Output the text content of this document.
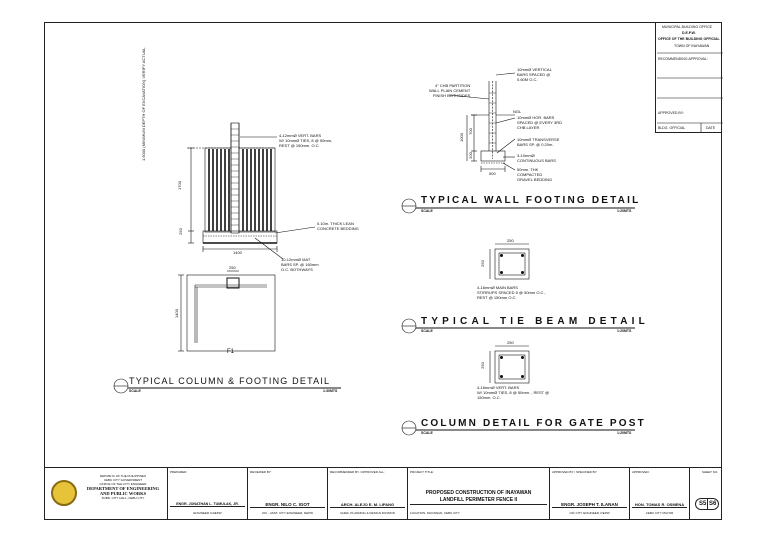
1.5000 (MINIMUM DEPTH OF EXCAVATION) VERIFY ACTUAL	4-12mmØ VERT. BARS
W/ 10mmØ TIES, 8 @ 50mm,
REST @ 150mm. O.C.
0.10m. THICK LEAN
CONCRETE BEDDING
10-12mmØ MAT
BARS SP. @ 160mm
O.C. BOTHWAYS
1700
250
1400
1400
250
F1
TYPICAL COLUMN & FOOTING DETAIL
SCALE	1:30MTS
4" CHB PARTITION
WALL PLAIN CEMENT
FINISH BOTHSIDES
10mmØ VERTICAL
BARS SPACED @
0.60M O.C.
10mmØ HOR. BARS
SPACED @ EVERY 3RD
CHB LAYER
10mmØ TRANSVERSE
BARS SP. @ 0.20m.
3-10mmØ
CONTINUOUS BARS
50mm. THK
COMPACTED
GRAVEL BEDDING
NGL
1000
700
200
500
TYPICAL WALL FOOTING DETAIL
SCALE	1:20MTS
250
250
4-16mmØ MAIN BARS
STIRRUPS SPACED 5 @ 50mm O.C.,
REST @ 150mm O.C.
TYPICAL TIE BEAM DETAIL
SCALE	1:20MTS
250
250
4-16mmØ VERT. BARS
W/ 10mmØ TIES, 8 @ 50mm. , REST @
150mm. O.C.
COLUMN DETAIL FOR GATE POST
SCALE	1:20MTS
MUNICIPAL BUILDING OFFICE
D.E.P.W.
OFFICE OF THE BUILDING OFFICIAL
TOWN OF INAYAWAN
RECOMMENDING APPROVAL:
APPROVED BY:
BLDG. OFFICIAL	DATE
REPUBLIC OF THE PHILIPPINES
CEBU CITY GOVERNMENT
OFFICE OF THE CITY ENGINEER
DEPARTMENT OF ENGINEERING
AND PUBLIC WORKS
SUBD. CITY HALL, CEBU CITY
PREPARED:
ENGR. JONATHAN L. TUMULAK, JR.
ENGINEER II-DEPW
REVIEWED BY:
ENGR. NILO C. IGOT
OIC - ASST. CITY ENGINEER, DEPW
RECOMMENDED BY / APPROVED ALL:
ARCH. ALEJO E. M. LIPANG
CHIEF, PLANNING & DESIGN DIVISION
PROJECT TITLE:
PROPOSED CONSTRUCTION OF INAYAWAN
LANDFILL PERIMETER FENCE II
LOCATION: INAYAWAN, CEBU CITY
APPROVED BY / SPECIFIED BY:
ENGR. JOSEPH T. ILANAN
OIC CITY ENGINEER, DEPW
APPROVED:
HON. TOMAS R. OSMENA
CEBU CITY MAYOR
SHEET NO.
S5 S6
